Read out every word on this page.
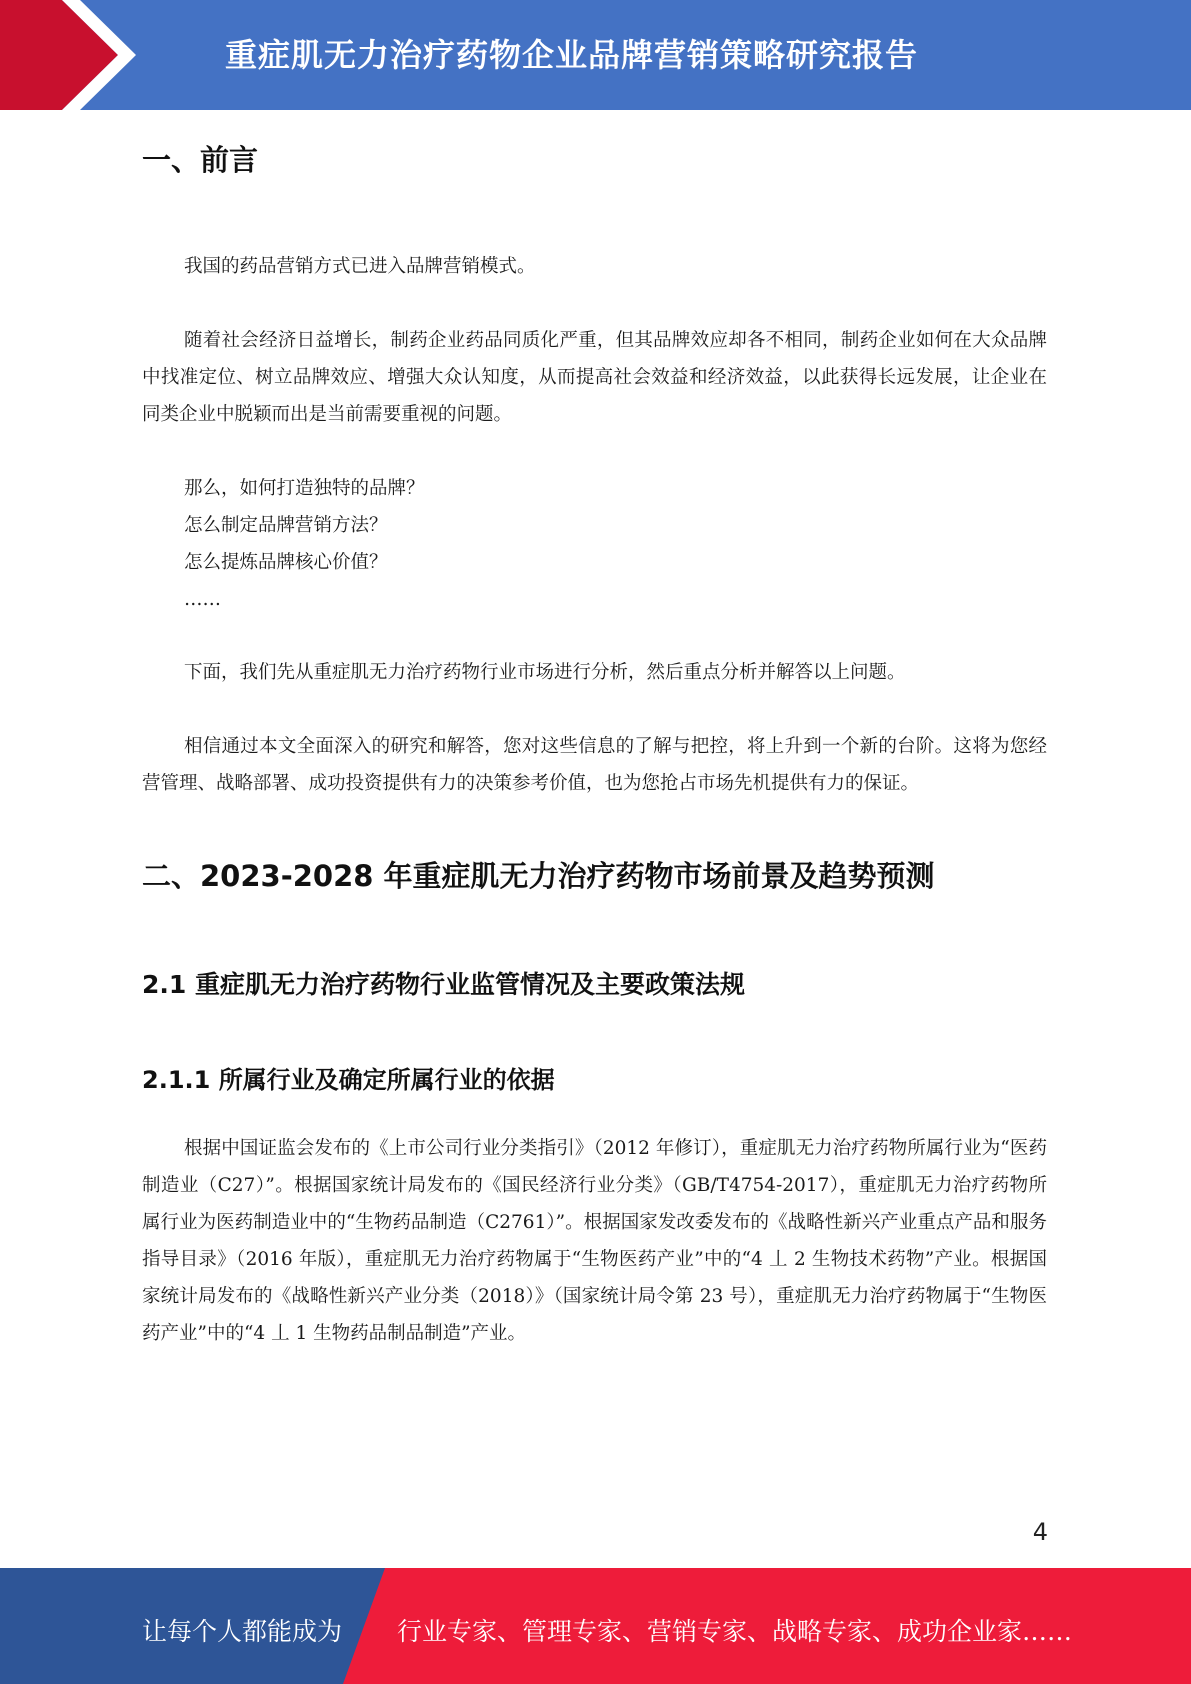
重症肌无力治疗药物企业品牌营销策略研究报告
一、前言

我国的药品营销方式已进入品牌营销模式。

随着社会经济日益增长，制药企业药品同质化严重，但其品牌效应却各不相同，制药企业如何在大众品牌中找准定位、树立品牌效应、增强大众认知度，从而提高社会效益和经济效益，以此获得长远发展，让企业在同类企业中脱颖而出是当前需要重视的问题。

那么，如何打造独特的品牌？

怎么制定品牌营销方法？

怎么提炼品牌核心价值？

……

下面，我们先从重症肌无力治疗药物行业市场进行分析，然后重点分析并解答以上问题。

相信通过本文全面深入的研究和解答，您对这些信息的了解与把控，将上升到一个新的台阶。这将为您经营管理、战略部署、成功投资提供有力的决策参考价值，也为您抢占市场先机提供有力的保证。

二、2023-2028 年重症肌无力治疗药物市场前景及趋势预测
2.1 重症肌无力治疗药物行业监管情况及主要政策法规
2.1.1 所属行业及确定所属行业的依据

根据中国证监会发布的《上市公司行业分类指引》（2012 年修订），重症肌无力治疗药物所属行业为“医药制造业（C27）”。根据国家统计局发布的《国民经济行业分类》（GB/T4754-2017），重症肌无力治疗药物所属行业为医药制造业中的“生物药品制造（C2761）”。根据国家发改委发布的《战略性新兴产业重点产品和服务指导目录》（2016 年版），重症肌无力治疗药物属于“生物医药产业”中的“4 丄 2 生物技术药物”产业。根据国家统计局发布的《战略性新兴产业分类（2018）》（国家统计局令第 23 号），重症肌无力治疗药物属于“生物医药产业”中的“4 丄 1 生物药品制品制造”产业。

4
让每个人都能成为 行业专家、管理专家、营销专家、战略专家、成功企业家……
